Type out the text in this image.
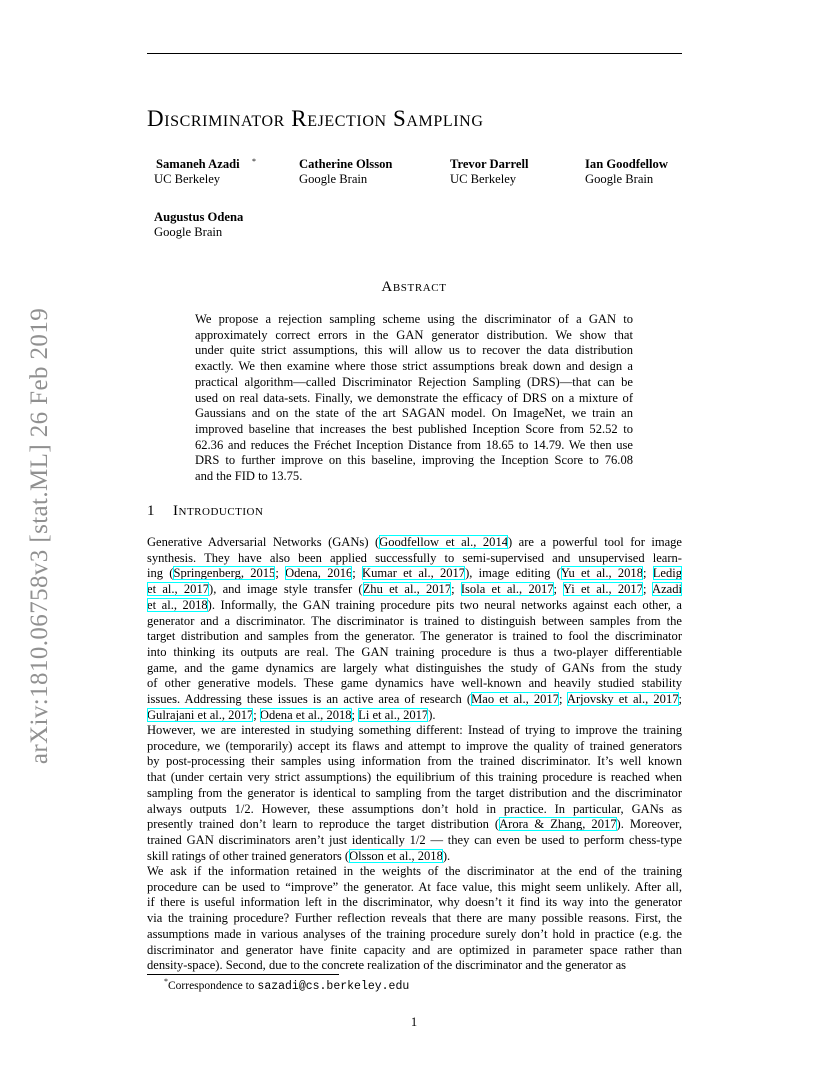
arXiv:1810.06758v3 [stat.ML] 26 Feb 2019
Discriminator Rejection Sampling
Samaneh Azadi
UC Berkeley
*	Catherine Olsson
Google Brain
Trevor Darrell
UC Berkeley
Ian Goodfellow
Google Brain
Augustus Odena
Google Brain
Abstract
We propose a rejection sampling scheme using the discriminator of a GAN to
approximately correct errors in the GAN generator distribution. We show that
under quite strict assumptions, this will allow us to recover the data distribution
exactly. We then examine where those strict assumptions break down and design a
practical algorithm—called Discriminator Rejection Sampling (DRS)—that can be
used on real data-sets. Finally, we demonstrate the efficacy of DRS on a mixture of
Gaussians and on the state of the art SAGAN model. On ImageNet, we train an
improved baseline that increases the best published Inception Score from 52.52 to
62.36 and reduces the Fréchet Inception Distance from 18.65 to 14.79. We then use
DRS to further improve on this baseline, improving the Inception Score to 76.08
and the FID to 13.75.
1 Introduction
Generative Adversarial Networks (GANs) (Goodfellow et al., 2014) are a powerful tool for image
synthesis. They have also been applied successfully to semi-supervised and unsupervised learn-
ing (Springenberg, 2015; Odena, 2016; Kumar et al., 2017), image editing (Yu et al., 2018; Ledig
et al., 2017), and image style transfer (Zhu et al., 2017; Isola et al., 2017; Yi et al., 2017; Azadi
et al., 2018). Informally, the GAN training procedure pits two neural networks against each other, a
generator and a discriminator. The discriminator is trained to distinguish between samples from the
target distribution and samples from the generator. The generator is trained to fool the discriminator
into thinking its outputs are real. The GAN training procedure is thus a two-player differentiable
game, and the game dynamics are largely what distinguishes the study of GANs from the study
of other generative models. These game dynamics have well-known and heavily studied stability
issues. Addressing these issues is an active area of research (Mao et al., 2017; Arjovsky et al., 2017;
Gulrajani et al., 2017; Odena et al., 2018; Li et al., 2017).
However, we are interested in studying something different: Instead of trying to improve the training
procedure, we (temporarily) accept its flaws and attempt to improve the quality of trained generators
by post-processing their samples using information from the trained discriminator. It’s well known
that (under certain very strict assumptions) the equilibrium of this training procedure is reached when
sampling from the generator is identical to sampling from the target distribution and the discriminator
always outputs 1/2. However, these assumptions don’t hold in practice. In particular, GANs as
presently trained don’t learn to reproduce the target distribution (Arora & Zhang, 2017). Moreover,
trained GAN discriminators aren’t just identically 1/2 — they can even be used to perform chess-type
skill ratings of other trained generators (Olsson et al., 2018).
We ask if the information retained in the weights of the discriminator at the end of the training
procedure can be used to “improve” the generator. At face value, this might seem unlikely. After all,
if there is useful information left in the discriminator, why doesn’t it find its way into the generator
via the training procedure? Further reflection reveals that there are many possible reasons. First, the
assumptions made in various analyses of the training procedure surely don’t hold in practice (e.g. the
discriminator and generator have finite capacity and are optimized in parameter space rather than
density-space). Second, due to the concrete realization of the discriminator and the generator as
*Correspondence to sazadi@cs.berkeley.edu
1
